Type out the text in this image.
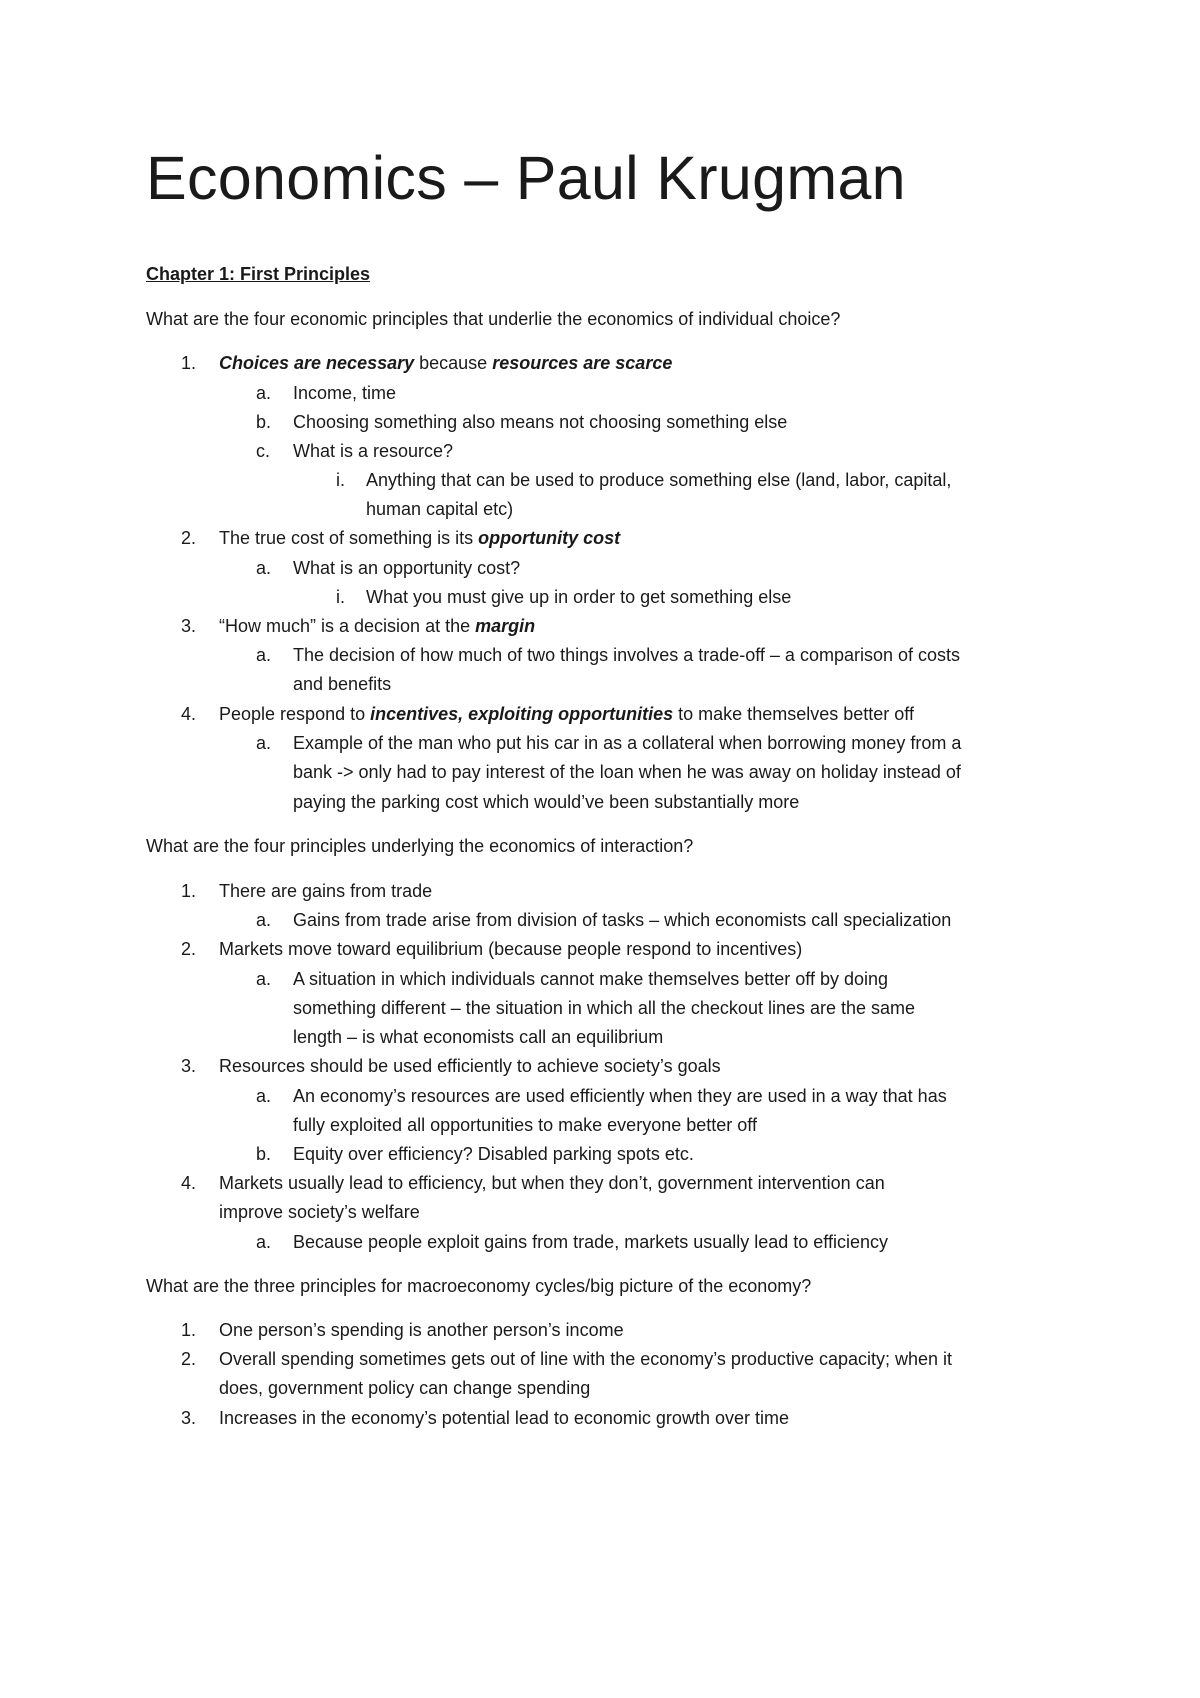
Economics – Paul Krugman
Chapter 1: First Principles
What are the four economic principles that underlie the economics of individual choice?
1. Choices are necessary because resources are scarce
a. Income, time
b. Choosing something also means not choosing something else
c. What is a resource?
i. Anything that can be used to produce something else (land, labor, capital,
human capital etc)
2. The true cost of something is its opportunity cost
a. What is an opportunity cost?
i. What you must give up in order to get something else
3. “How much” is a decision at the margin
a. The decision of how much of two things involves a trade-off – a comparison of costs
and benefits
4. People respond to incentives, exploiting opportunities to make themselves better off
a. Example of the man who put his car in as a collateral when borrowing money from a
bank -> only had to pay interest of the loan when he was away on holiday instead of
paying the parking cost which would’ve been substantially more
What are the four principles underlying the economics of interaction?
1. There are gains from trade
a. Gains from trade arise from division of tasks – which economists call specialization
2. Markets move toward equilibrium (because people respond to incentives)
a. A situation in which individuals cannot make themselves better off by doing
something different – the situation in which all the checkout lines are the same
length – is what economists call an equilibrium
3. Resources should be used efficiently to achieve society’s goals
a. An economy’s resources are used efficiently when they are used in a way that has
fully exploited all opportunities to make everyone better off
b. Equity over efficiency? Disabled parking spots etc.
4. Markets usually lead to efficiency, but when they don’t, government intervention can
improve society’s welfare
a. Because people exploit gains from trade, markets usually lead to efficiency
What are the three principles for macroeconomy cycles/big picture of the economy?
1. One person’s spending is another person’s income
2. Overall spending sometimes gets out of line with the economy’s productive capacity; when it
does, government policy can change spending
3. Increases in the economy’s potential lead to economic growth over time
